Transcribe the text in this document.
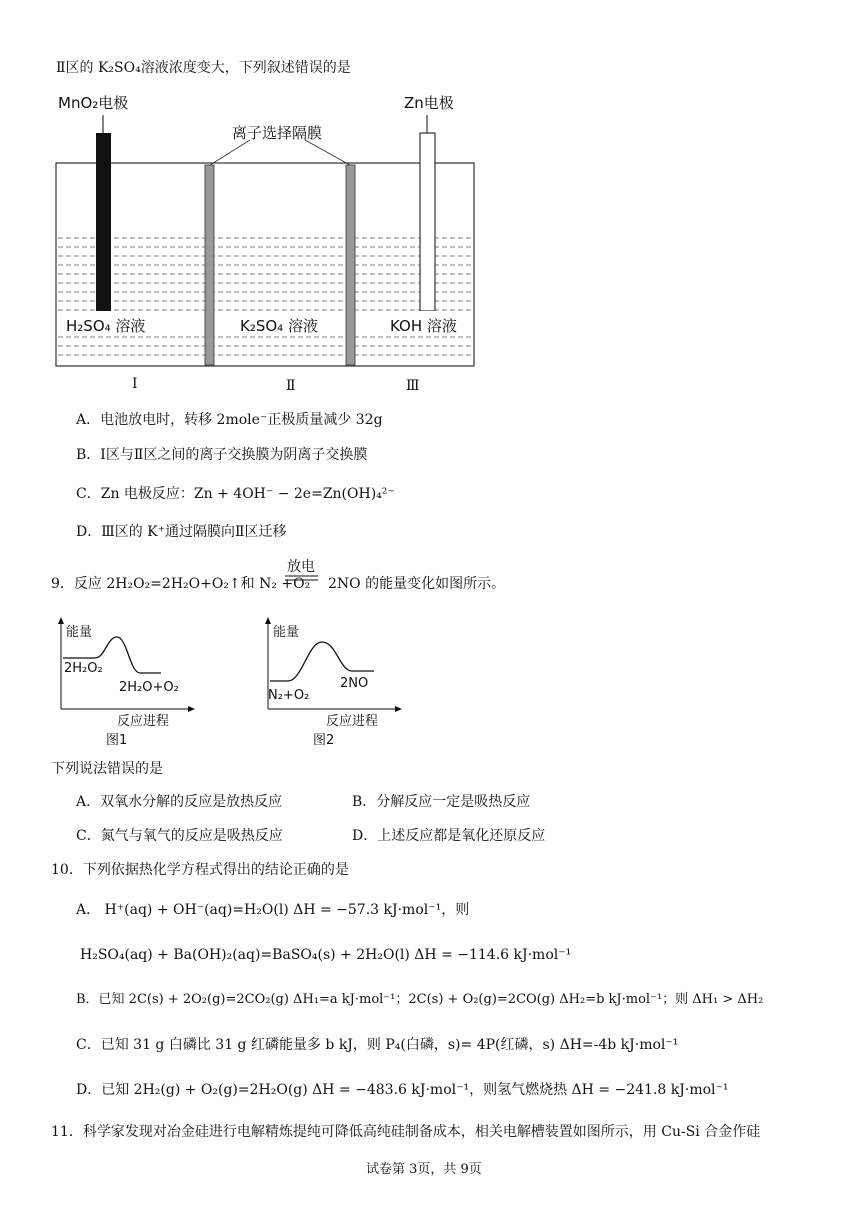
Ⅱ区的 K₂SO₄溶液浓度变大，下列叙述错误的是
MnO₂电极	Zn电极
离子选择隔膜
H₂SO₄ 溶液	K₂SO₄ 溶液	KOH 溶液
Ⅰ	Ⅱ	Ⅲ
A．电池放电时，转移 2mole⁻正极质量减少 32g
B．Ⅰ区与Ⅱ区之间的离子交换膜为阴离子交换膜
C．Zn 电极反应：Zn + 4OH⁻ − 2e=Zn(OH)₄²⁻
D．Ⅲ区的 K⁺通过隔膜向Ⅱ区迁移
9．反应 2H₂O₂=2H₂O+O₂↑和 N₂ +O₂
放电
2NO 的能量变化如图所示。
能量
2H₂O₂
2H₂O+O₂
反应进程
图1
能量
N₂+O₂
2NO
反应进程
图2
下列说法错误的是
A．双氧水分解的反应是放热反应	B．分解反应一定是吸热反应
C．氮气与氧气的反应是吸热反应	D．上述反应都是氧化还原反应
10．下列依据热化学方程式得出的结论正确的是
A． H⁺(aq) + OH⁻(aq)=H₂O(l) ΔH = −57.3 kJ·mol⁻¹，则
H₂SO₄(aq) + Ba(OH)₂(aq)=BaSO₄(s) + 2H₂O(l) ΔH = −114.6 kJ·mol⁻¹
B．已知 2C(s) + 2O₂(g)=2CO₂(g) ΔH₁=a kJ·mol⁻¹；2C(s) + O₂(g)=2CO(g) ΔH₂=b kJ·mol⁻¹；则 ΔH₁ > ΔH₂
C．已知 31 g 白磷比 31 g 红磷能量多 b kJ，则 P₄(白磷，s)= 4P(红磷，s) ΔH=-4b kJ·mol⁻¹
D．已知 2H₂(g) + O₂(g)=2H₂O(g) ΔH = −483.6 kJ·mol⁻¹，则氢气燃烧热 ΔH = −241.8 kJ·mol⁻¹
11．科学家发现对冶金硅进行电解精炼提纯可降低高纯硅制备成本，相关电解槽装置如图所示，用 Cu-Si 合金作硅
试卷第 3页，共 9页
